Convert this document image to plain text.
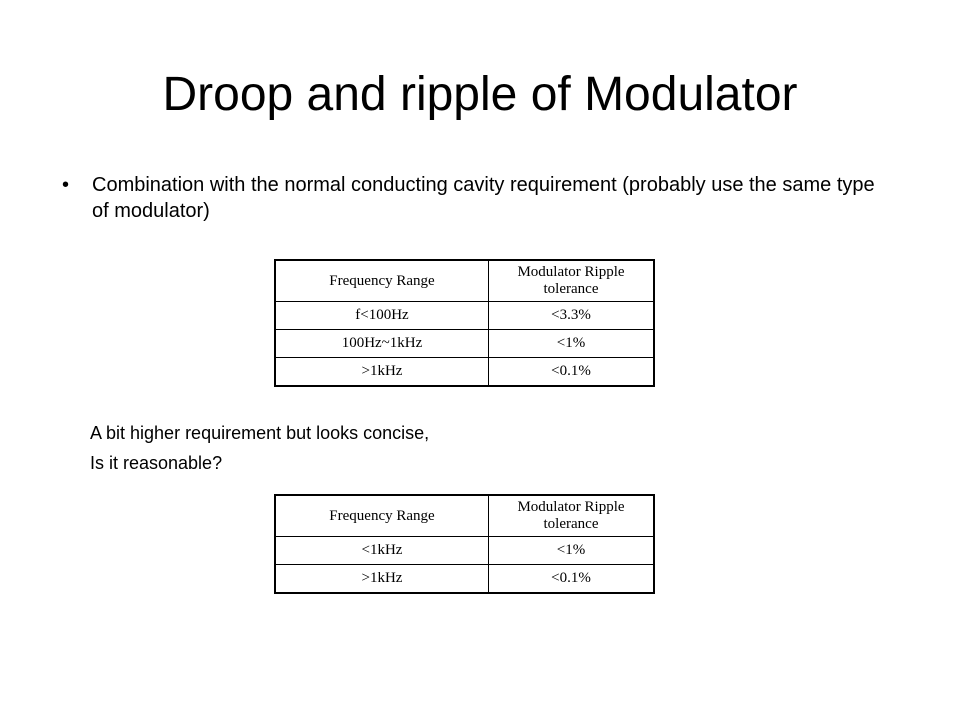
Droop and ripple of Modulator
•	Combination with the normal conducting cavity requirement (probably use the same type of modulator)
Frequency Range	Modulator Ripple tolerance
f<100Hz	<3.3%
100Hz~1kHz	<1%
>1kHz	<0.1%
A bit higher requirement but looks concise,
Is it reasonable?
Frequency Range	Modulator Ripple tolerance
<1kHz	<1%
>1kHz	<0.1%
